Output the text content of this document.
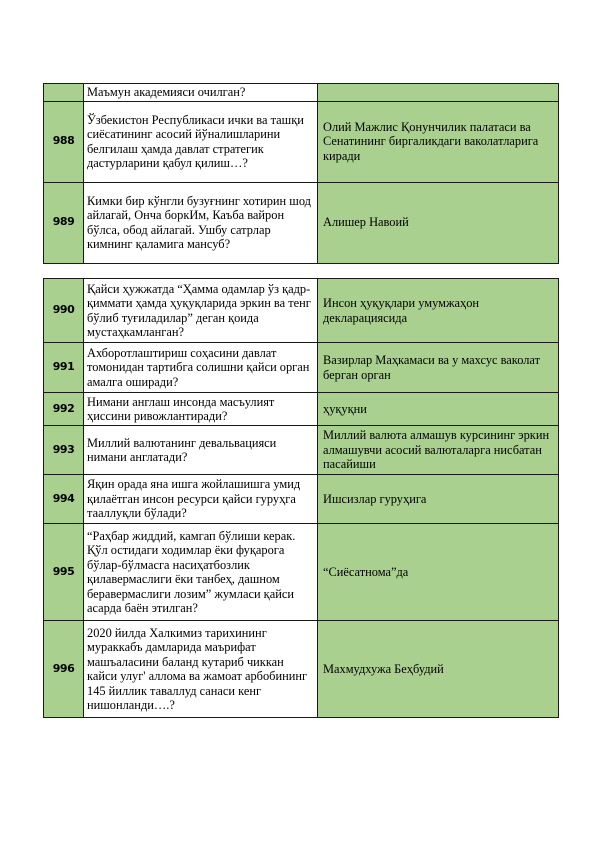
	Маъмун академияси очилган?	
988	Ўзбекистон Республикаси ички ва ташқи сиёсатининг асосий йўналишларини белгилаш ҳамда давлат стратегик дастурларини қабул қилиш…?	Олий Мажлис Қонунчилик палатаси ва Сенатининг биргаликдаги ваколатларига киради
989	Кимки бир кўнгли бузуғнинг хотирин шод айлагай, Онча боркИм, Каъба вайрон бўлса, обод айлагай. Ушбу сатрлар кимнинг қаламига мансуб?	Алишер Навоий
990	Қайси ҳужжатда “Ҳамма одамлар ўз қадр-қиммати ҳамда ҳуқуқларида эркин ва тенг бўлиб туғиладилар” деган қоида мустаҳкамланган?	Инсон ҳуқуқлари умумжаҳон декларациясида
991	Ахборотлаштириш соҳасини давлат томонидан тартибга солишни қайси орган амалга оширади?	Вазирлар Маҳкамаси ва у махсус ваколат берган орган
992	Нимани англаш инсонда масъулият ҳиссини ривожлантиради?	ҳуқуқни
993	Миллий валютанинг девальвацияси нимани англатади?	Миллий валюта алмашув курсининг эркин алмашувчи асосий валюталарга нисбатан пасайиши
994	Яқин орада яна ишга жойлашишга умид қилаётган инсон ресурси қайси гуруҳга тааллуқли бўлади?	Ишсизлар гуруҳига
995	“Раҳбар жиддий, камгап бўлиши керак. Қўл остидаги ходимлар ёки фуқарога бўлар-бўлмасга насиҳатбозлик қилавермаслиги ёки танбеҳ, дашном беравермаслиги лозим” жумласи қайси асарда баён этилган?	“Сиёсатнома”да
996	2020 йилда Халкимиз тарихининг мураккабъ дамларида маърифат машъаласини баланд кутариб чиккан кайси улуг' аллома ва жамоат арбобининг 145 йиллик таваллуд санаси кенг нишонланди….?	Махмудхужа Беҳбудий
